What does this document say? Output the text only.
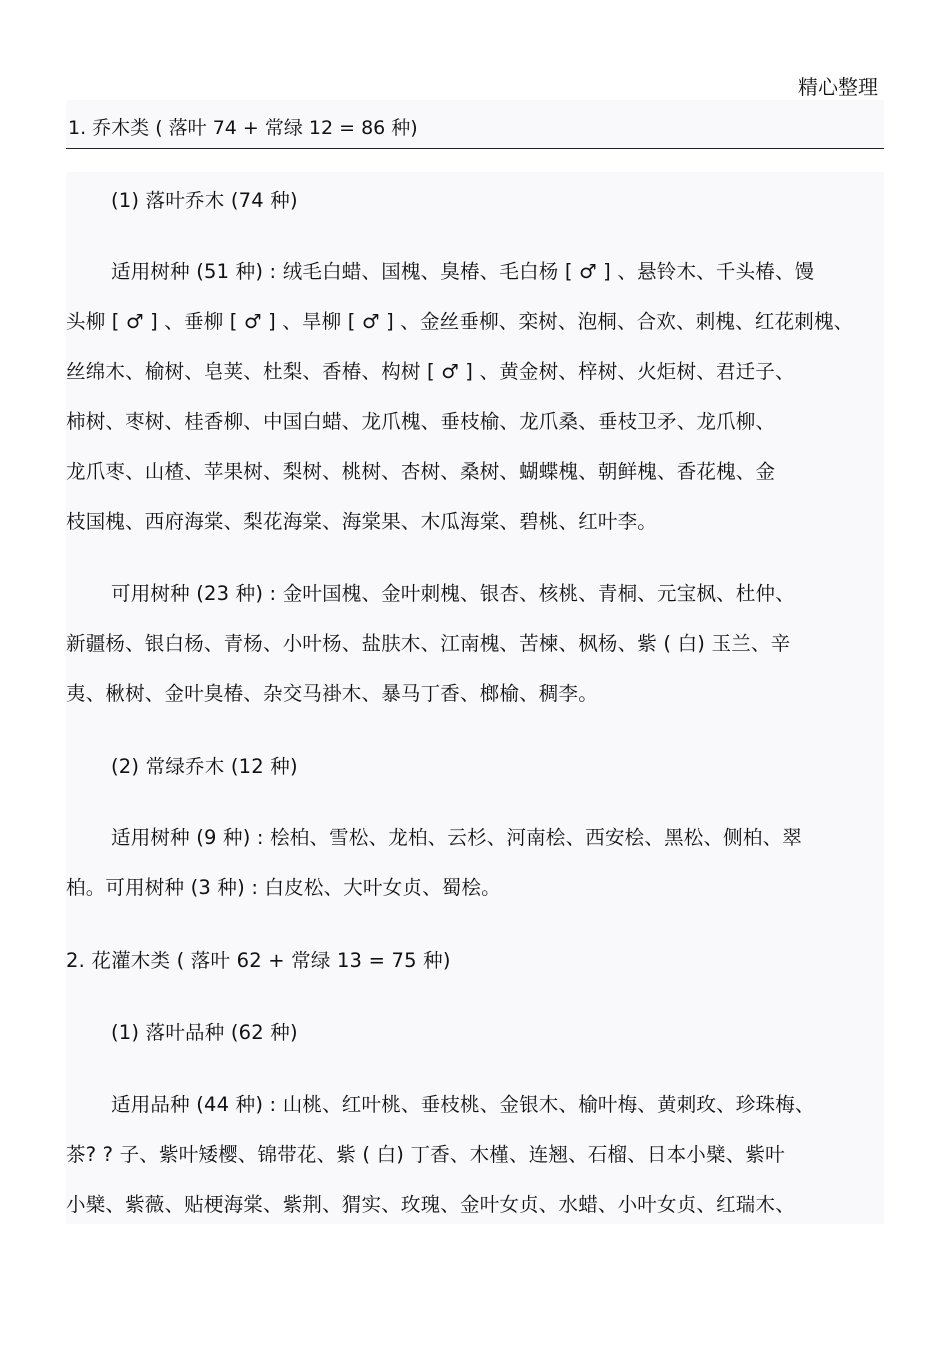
精心整理
1. 乔木类 ( 落叶 74 + 常绿 12 = 86 种)
(1) 落叶乔木 (74 种)
适用树种 (51 种) : 绒毛白蜡、国槐、臭椿、毛白杨 [ ♂ ] 、悬铃木、千头椿、馒
头柳 [ ♂ ] 、垂柳 [ ♂ ] 、旱柳 [ ♂ ] 、金丝垂柳、栾树、泡桐、合欢、刺槐、红花刺槐、
丝绵木、榆树、皂荚、杜梨、香椿、构树 [ ♂ ] 、黄金树、梓树、火炬树、君迁子、
柿树、枣树、桂香柳、中国白蜡、龙爪槐、垂枝榆、龙爪桑、垂枝卫矛、龙爪柳、
龙爪枣、山楂、苹果树、梨树、桃树、杏树、桑树、蝴蝶槐、朝鲜槐、香花槐、金
枝国槐、西府海棠、梨花海棠、海棠果、木瓜海棠、碧桃、红叶李。
可用树种 (23 种) : 金叶国槐、金叶刺槐、银杏、核桃、青桐、元宝枫、杜仲、
新疆杨、银白杨、青杨、小叶杨、盐肤木、江南槐、苦楝、枫杨、紫 ( 白) 玉兰、辛
夷、楸树、金叶臭椿、杂交马褂木、暴马丁香、榔榆、稠李。
(2) 常绿乔木 (12 种)
适用树种 (9 种) : 桧柏、雪松、龙柏、云杉、河南桧、西安桧、黑松、侧柏、翠
柏。可用树种 (3 种) : 白皮松、大叶女贞、蜀桧。
2. 花灌木类 ( 落叶 62 + 常绿 13 = 75 种)
(1) 落叶品种 (62 种)
适用品种 (44 种) : 山桃、红叶桃、垂枝桃、金银木、榆叶梅、黄刺玫、珍珠梅、
茶? ? 子、紫叶矮樱、锦带花、紫 ( 白) 丁香、木槿、连翘、石榴、日本小檗、紫叶
小檗、紫薇、贴梗海棠、紫荆、猬实、玫瑰、金叶女贞、水蜡、小叶女贞、红瑞木、
